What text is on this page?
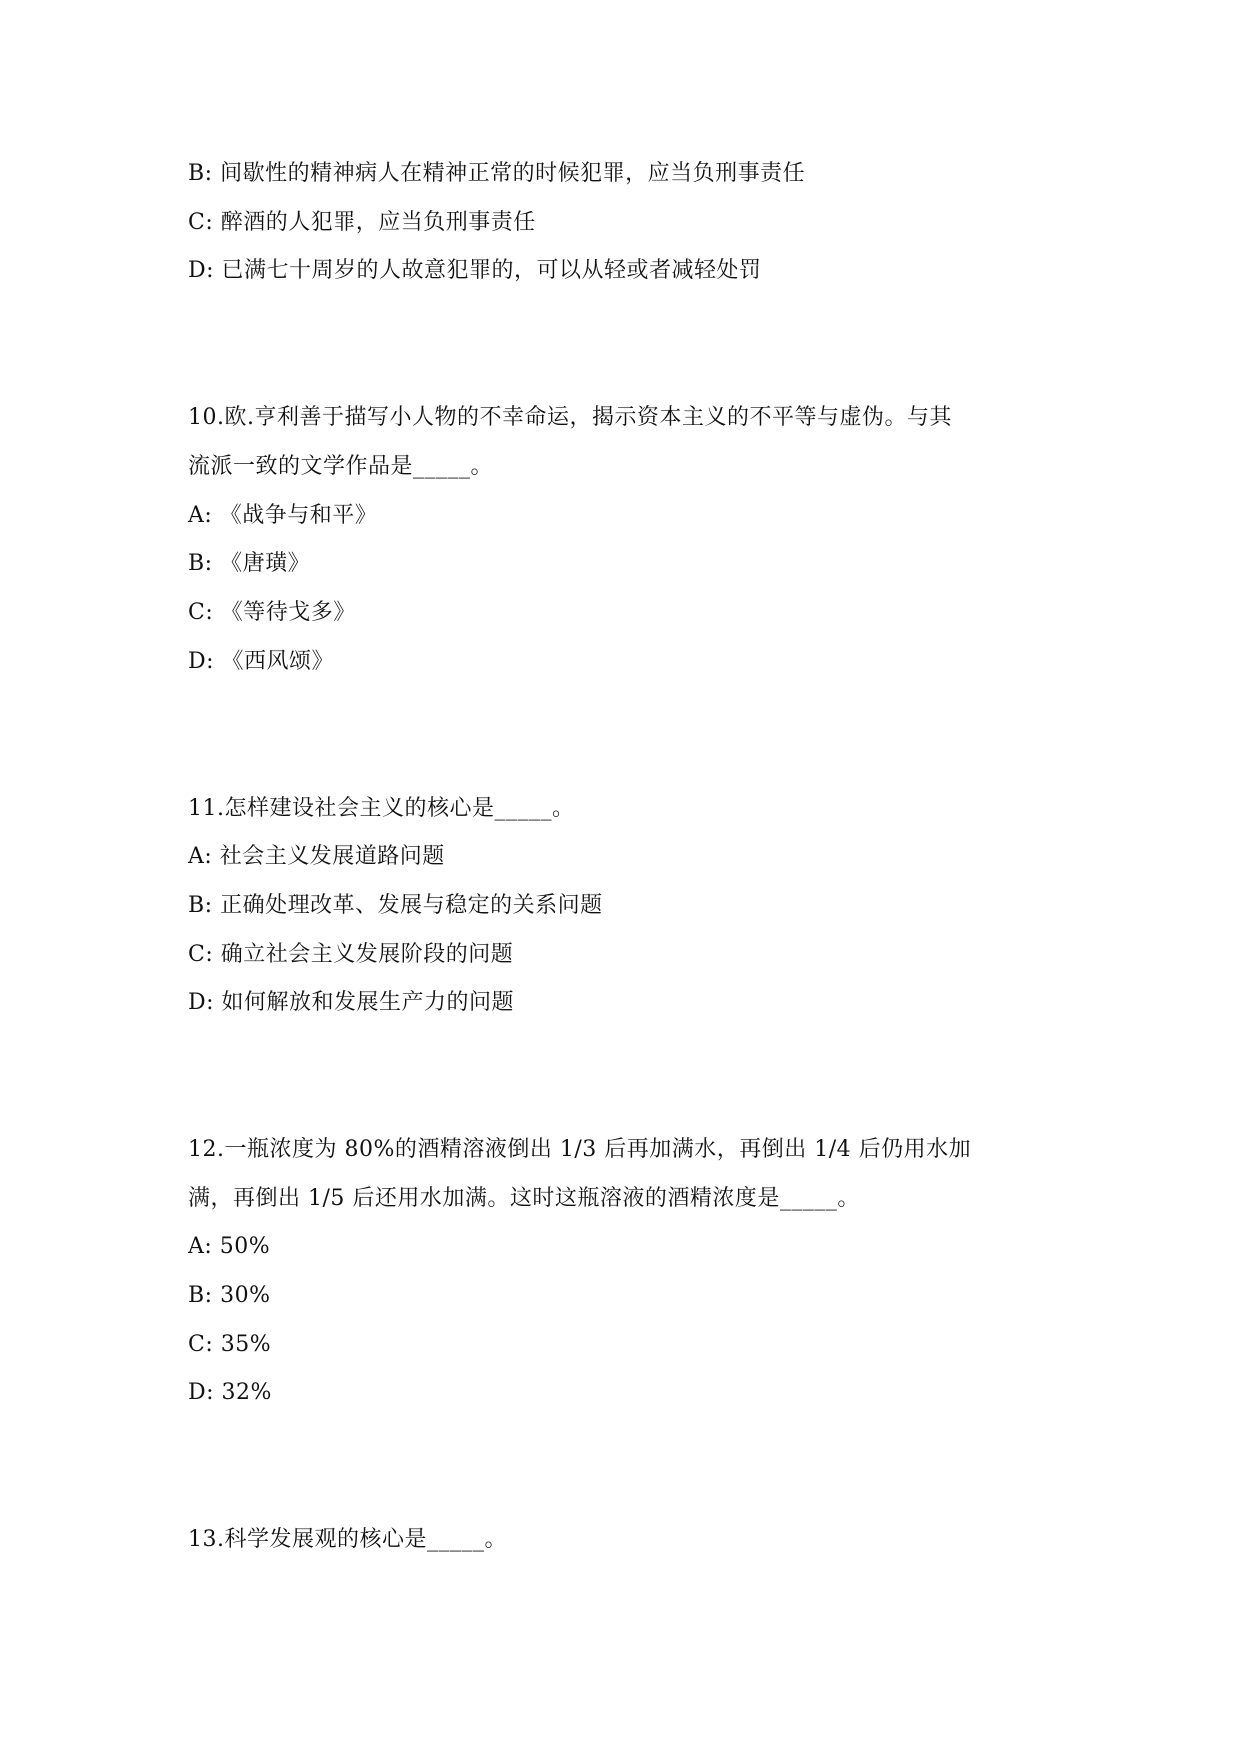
B: 间歇性的精神病人在精神正常的时候犯罪，应当负刑事责任
C: 醉酒的人犯罪，应当负刑事责任
D: 已满七十周岁的人故意犯罪的，可以从轻或者减轻处罚
10.欧.亨利善于描写小人物的不幸命运，揭示资本主义的不平等与虚伪。与其
流派一致的文学作品是_____。
A: 《战争与和平》
B: 《唐璜》
C: 《等待戈多》
D: 《西风颂》
11.怎样建设社会主义的核心是_____。
A: 社会主义发展道路问题
B: 正确处理改革、发展与稳定的关系问题
C: 确立社会主义发展阶段的问题
D: 如何解放和发展生产力的问题
12.一瓶浓度为 80%的酒精溶液倒出 1/3 后再加满水，再倒出 1/4 后仍用水加
满，再倒出 1/5 后还用水加满。这时这瓶溶液的酒精浓度是_____。
A: 50%
B: 30%
C: 35%
D: 32%
13.科学发展观的核心是_____。
